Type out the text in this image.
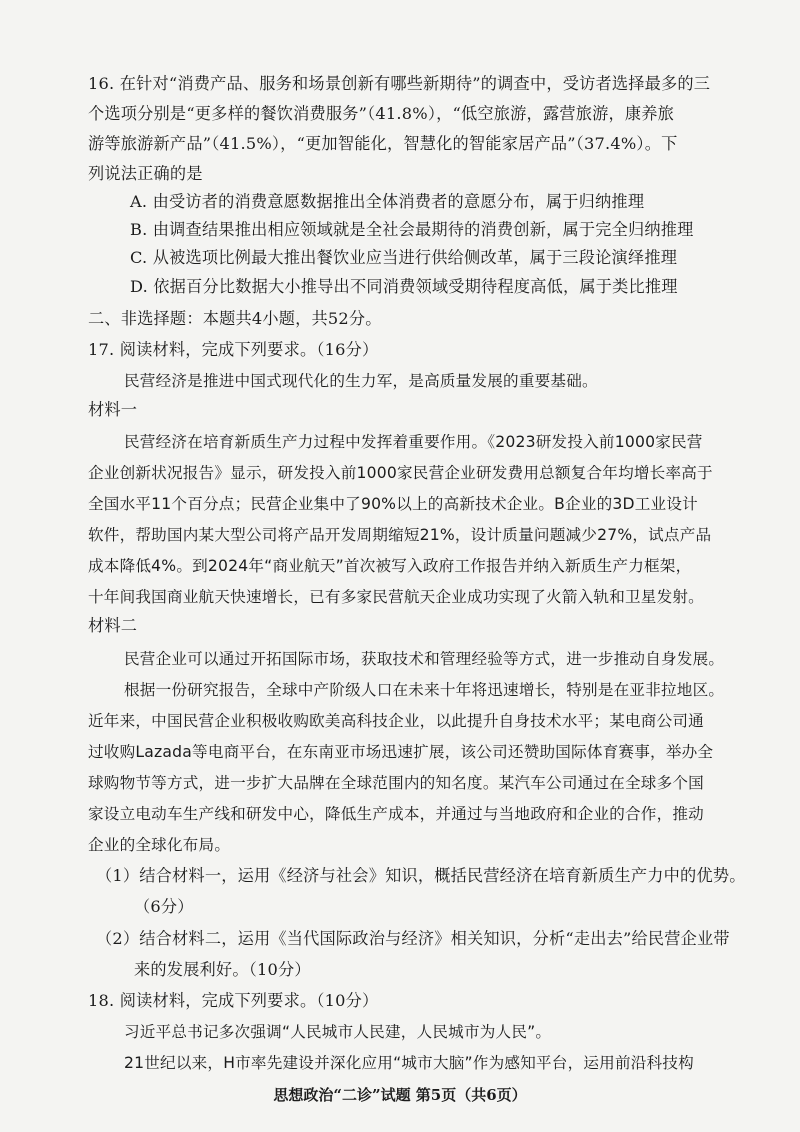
16. 在针对“消费产品、服务和场景创新有哪些新期待”的调查中，受访者选择最多的三
个选项分别是“更多样的餐饮消费服务”（41.8%），“低空旅游，露营旅游，康养旅
游等旅游新产品”（41.5%），“更加智能化，智慧化的智能家居产品”（37.4%）。下
列说法正确的是
A. 由受访者的消费意愿数据推出全体消费者的意愿分布，属于归纳推理
B. 由调查结果推出相应领域就是全社会最期待的消费创新，属于完全归纳推理
C. 从被选项比例最大推出餐饮业应当进行供给侧改革，属于三段论演绎推理
D. 依据百分比数据大小推导出不同消费领域受期待程度高低，属于类比推理
二、非选择题：本题共4小题，共52分。
17. 阅读材料，完成下列要求。（16分）
民营经济是推进中国式现代化的生力军，是高质量发展的重要基础。
材料一
民营经济在培育新质生产力过程中发挥着重要作用。《2023研发投入前1000家民营
企业创新状况报告》显示，研发投入前1000家民营企业研发费用总额复合年均增长率高于
全国水平11个百分点；民营企业集中了90%以上的高新技术企业。B企业的3D工业设计
软件，帮助国内某大型公司将产品开发周期缩短21%，设计质量问题减少27%，试点产品
成本降低4%。到2024年“商业航天”首次被写入政府工作报告并纳入新质生产力框架，
十年间我国商业航天快速增长，已有多家民营航天企业成功实现了火箭入轨和卫星发射。
材料二
民营企业可以通过开拓国际市场，获取技术和管理经验等方式，进一步推动自身发展。
根据一份研究报告，全球中产阶级人口在未来十年将迅速增长，特别是在亚非拉地区。
近年来，中国民营企业积极收购欧美高科技企业，以此提升自身技术水平；某电商公司通
过收购Lazada等电商平台，在东南亚市场迅速扩展，该公司还赞助国际体育赛事，举办全
球购物节等方式，进一步扩大品牌在全球范围内的知名度。某汽车公司通过在全球多个国
家设立电动车生产线和研发中心，降低生产成本，并通过与当地政府和企业的合作，推动
企业的全球化布局。
（1）结合材料一，运用《经济与社会》知识，概括民营经济在培育新质生产力中的优势。
（6分）
（2）结合材料二，运用《当代国际政治与经济》相关知识，分析“走出去”给民营企业带
来的发展利好。（10分）
18. 阅读材料，完成下列要求。（10分）
习近平总书记多次强调“人民城市人民建，人民城市为人民”。
21世纪以来，H市率先建设并深化应用“城市大脑”作为感知平台，运用前沿科技构
思想政治“二诊”试题 第5页（共6页）
